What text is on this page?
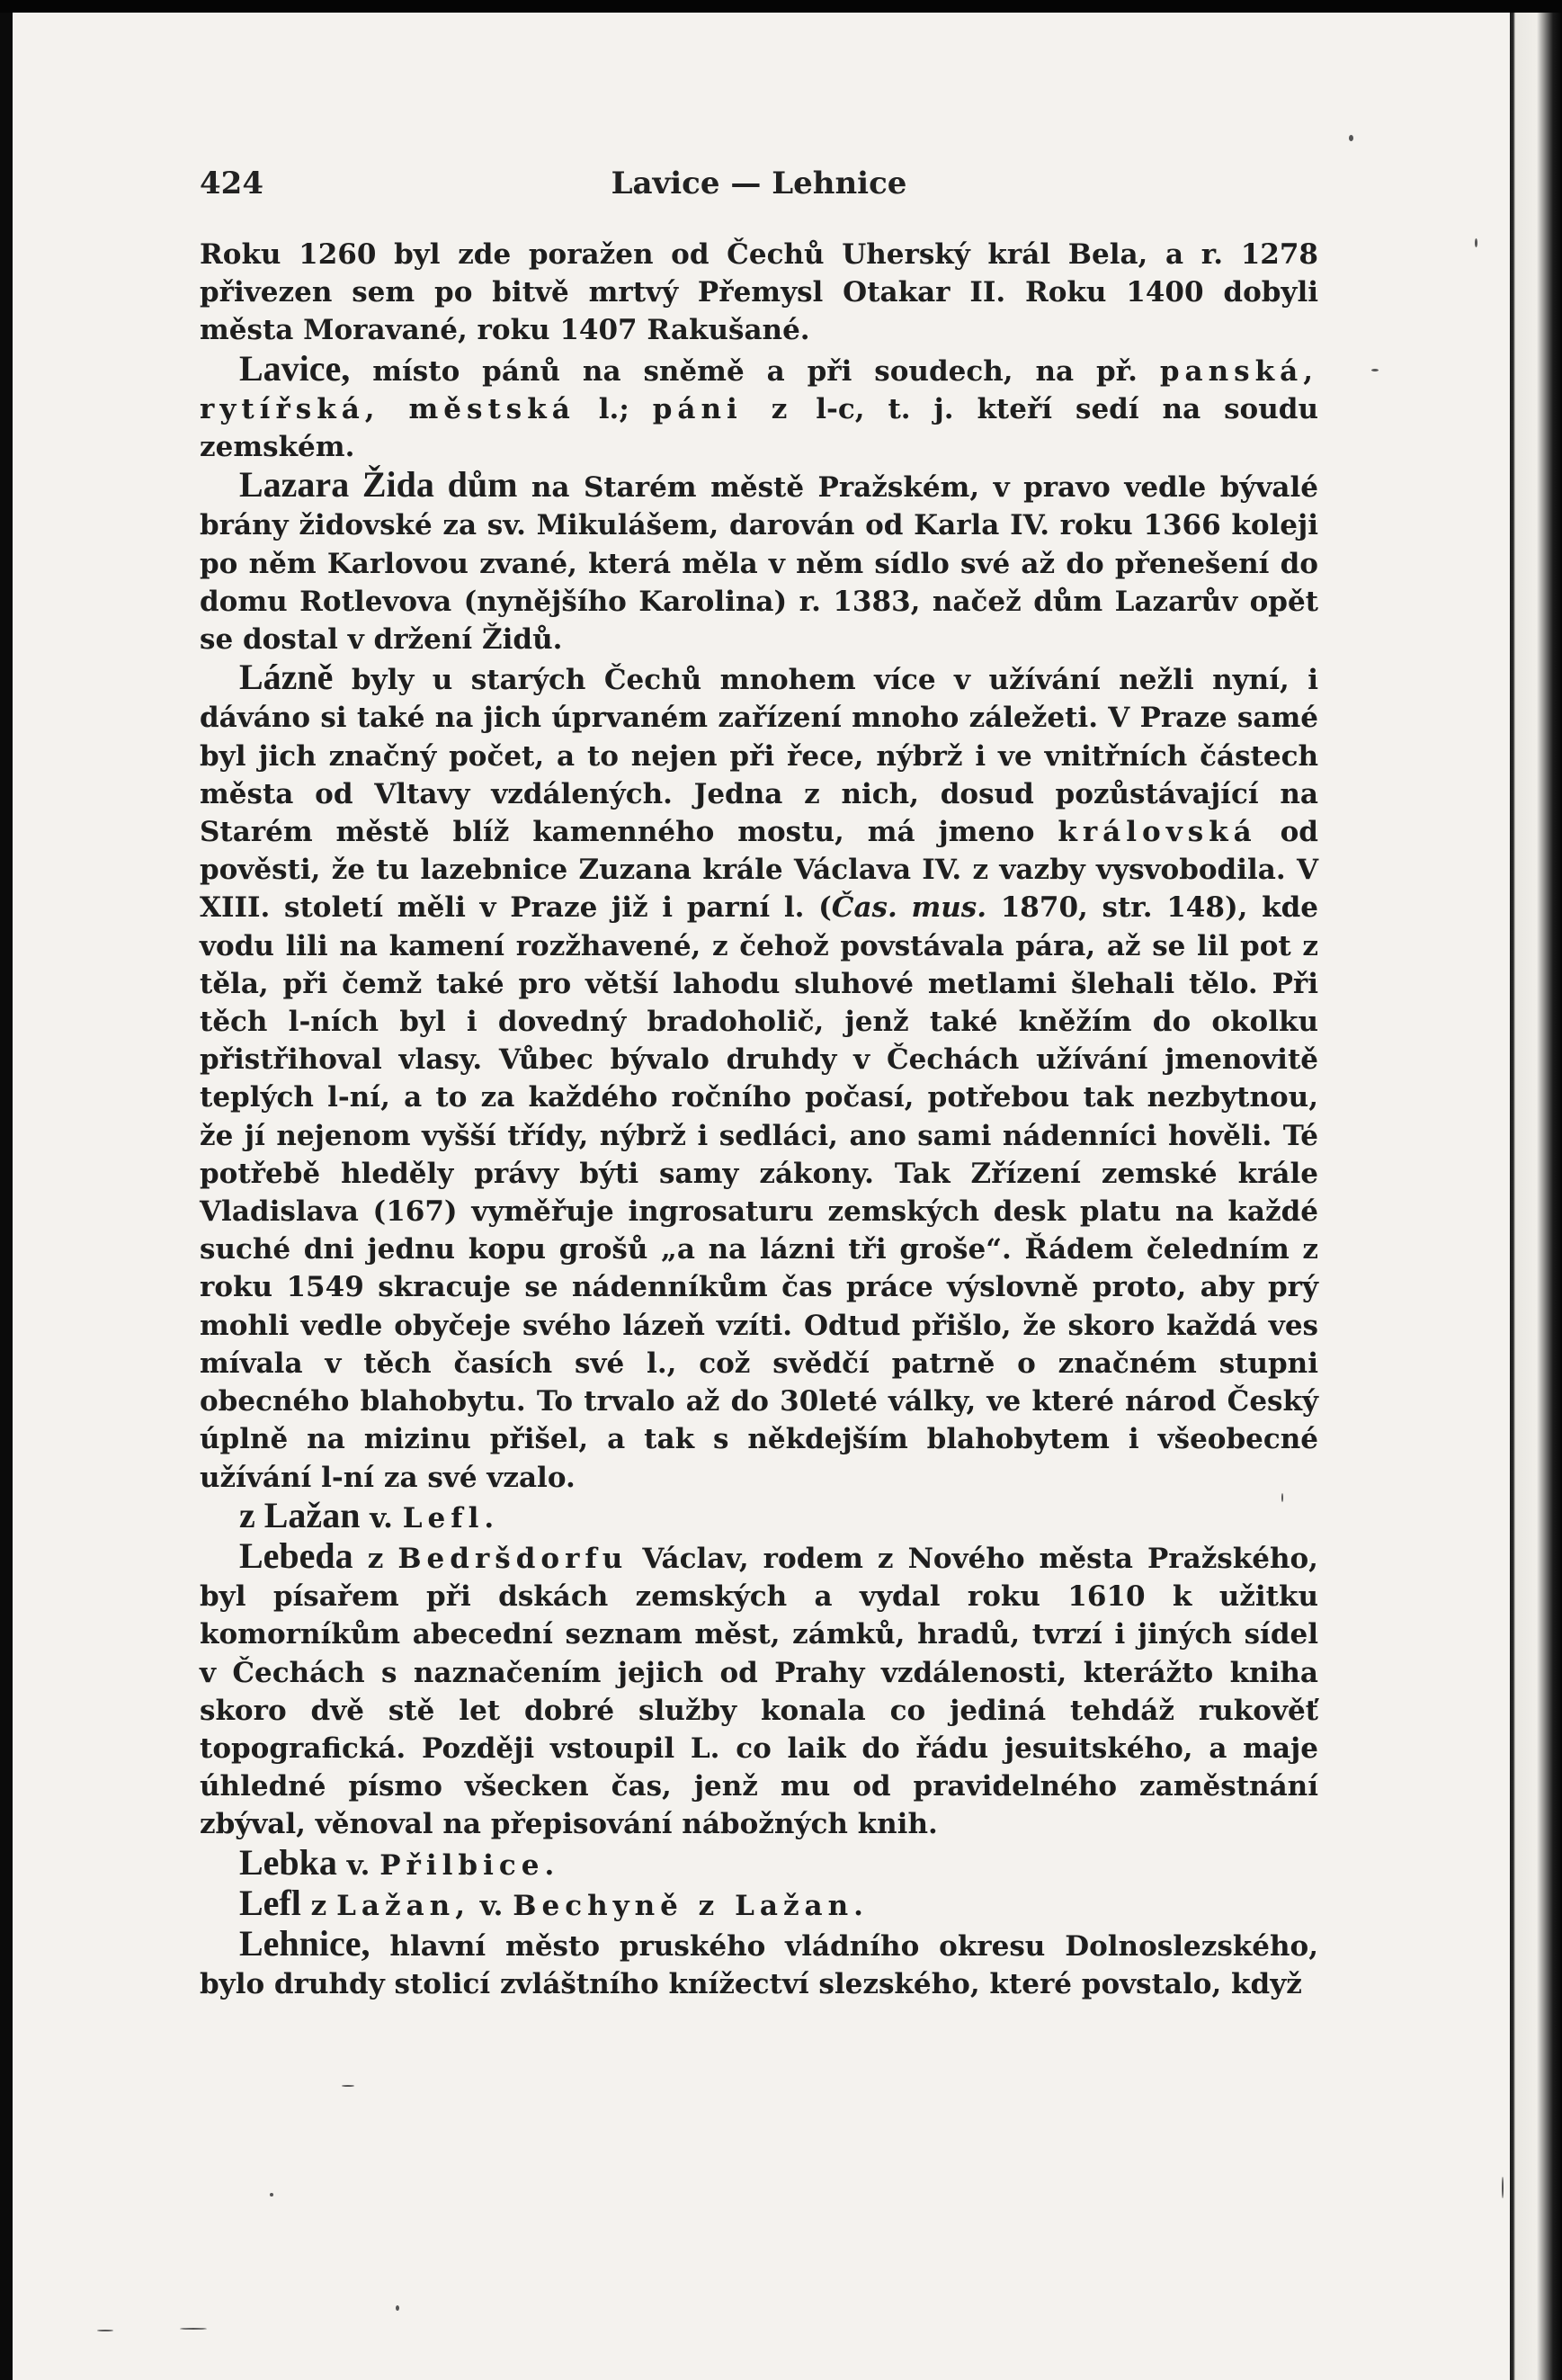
424	Lavice — Lehnice

Roku 1260 byl zde poražen od Čechů Uherský král Bela, a r. 1278 přivezen sem po bitvě mrtvý Přemysl Otakar II. Roku 1400 dobyli města Moravané, roku 1407 Rakušané.

Lavice, místo pánů na sněmě a při soudech, na př. panská, rytířská, městská l.; páni z l-c, t. j. kteří sedí na soudu zemském.

Lazara Žida dům na Starém městě Pražském, v pravo vedle bývalé brány židovské za sv. Mikulášem, darován od Karla IV. roku 1366 koleji po něm Karlovou zvané, která měla v něm sídlo své až do přenešení do domu Rotlevova (nynějšího Karolina) r. 1383, načež dům Lazarův opět se dostal v držení Židů.

Lázně byly u starých Čechů mnohem více v užívání nežli nyní, i dáváno si také na jich úprvaném zařízení mnoho záležeti. V Praze samé byl jich značný počet, a to nejen při řece, nýbrž i ve vnitřních částech města od Vltavy vzdálených. Jedna z nich, dosud pozůstávající na Starém městě blíž kamenného mostu, má jmeno královská od pověsti, že tu lazebnice Zuzana krále Václava IV. z vazby vysvobodila. V XIII. století měli v Praze již i parní l. (Čas. mus. 1870, str. 148), kde vodu lili na kamení rozžhavené, z čehož povstávala pára, až se lil pot z těla, při čemž také pro větší lahodu sluhové metlami šlehali tělo. Při těch l-ních byl i dovedný bradoholič, jenž také kněžím do okolku přistřihoval vlasy. Vůbec bývalo druhdy v Čechách užívání jmenovitě teplých l-ní, a to za každého ročního počasí, potřebou tak nezbytnou, že jí nejenom vyšší třídy, nýbrž i sedláci, ano sami nádenníci hověli. Té potřebě hleděly právy býti samy zákony. Tak Zřízení zemské krále Vladislava (167) vyměřuje ingrosaturu zemských desk platu na každé suché dni jednu kopu grošů „a na lázni tři groše“. Řádem čeledním z roku 1549 skracuje se nádenníkům čas práce výslovně proto, aby prý mohli vedle obyčeje svého lázeň vzíti. Odtud přišlo, že skoro každá ves mívala v těch časích své l., což svědčí patrně o značném stupni obecného blahobytu. To trvalo až do 30leté války, ve které národ Český úplně na mizinu přišel, a tak s někdejším blahobytem i všeobecné užívání l-ní za své vzalo.

z Lažan v. Lefl.

Lebeda z Bedršdorfu Václav, rodem z Nového města Pražského, byl písařem při dskách zemských a vydal roku 1610 k užitku komorníkům abecední seznam měst, zámků, hradů, tvrzí i jiných sídel v Čechách s naznačením jejich od Prahy vzdálenosti, kterážto kniha skoro dvě stě let dobré služby konala co jediná tehdáž rukověť topografická. Později vstoupil L. co laik do řádu jesuitského, a maje úhledné písmo všecken čas, jenž mu od pravidelného zaměstnání zbýval, věnoval na přepisování nábožných knih.

Lebka v. Přilbice.

Lefl z Lažan, v. Bechyně z Lažan.

Lehnice, hlavní město pruského vládního okresu Dolnoslezského, bylo druhdy stolicí zvláštního knížectví slezského, které povstalo, když
